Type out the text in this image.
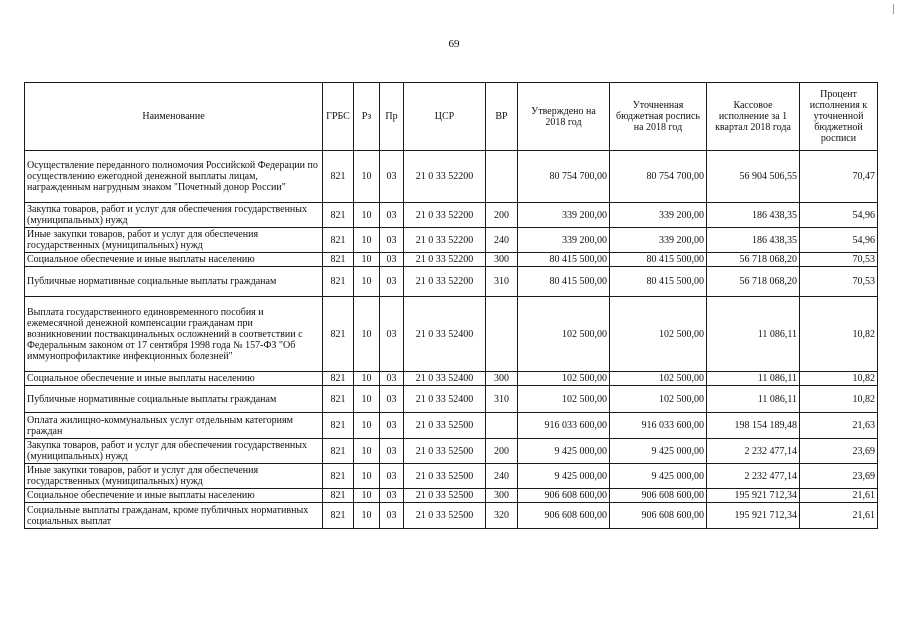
69
Наименование	ГРБС	Рз	Пр	ЦСР	ВР	Утверждено на 2018 год	Уточненная бюджетная роспись на 2018 год	Кассовое исполнение за 1 квартал 2018 года	Процент исполнения к уточненной бюджетной росписи
Осуществление переданного полномочия Российской Федерации по осуществлению ежегодной денежной выплаты лицам, награжденным нагрудным знаком "Почетный донор России"	821	10	03	21 0 33 52200		80 754 700,00	80 754 700,00	56 904 506,55	70,47
Закупка товаров, работ и услуг для обеспечения государственных (муниципальных) нужд	821	10	03	21 0 33 52200	200	339 200,00	339 200,00	186 438,35	54,96
Иные закупки товаров, работ и услуг для обеспечения государственных (муниципальных) нужд	821	10	03	21 0 33 52200	240	339 200,00	339 200,00	186 438,35	54,96
Социальное обеспечение и иные выплаты населению	821	10	03	21 0 33 52200	300	80 415 500,00	80 415 500,00	56 718 068,20	70,53
Публичные нормативные социальные выплаты гражданам	821	10	03	21 0 33 52200	310	80 415 500,00	80 415 500,00	56 718 068,20	70,53
Выплата государственного единовременного пособия и ежемесячной денежной компенсации гражданам при возникновении поствакцинальных осложнений в соответствии с Федеральным законом от 17 сентября 1998 года № 157-ФЗ "Об иммунопрофилактике инфекционных болезней"	821	10	03	21 0 33 52400		102 500,00	102 500,00	11 086,11	10,82
Социальное обеспечение и иные выплаты населению	821	10	03	21 0 33 52400	300	102 500,00	102 500,00	11 086,11	10,82
Публичные нормативные социальные выплаты гражданам	821	10	03	21 0 33 52400	310	102 500,00	102 500,00	11 086,11	10,82
Оплата жилищно-коммунальных услуг отдельным категориям граждан	821	10	03	21 0 33 52500		916 033 600,00	916 033 600,00	198 154 189,48	21,63
Закупка товаров, работ и услуг для обеспечения государственных (муниципальных) нужд	821	10	03	21 0 33 52500	200	9 425 000,00	9 425 000,00	2 232 477,14	23,69
Иные закупки товаров, работ и услуг для обеспечения государственных (муниципальных) нужд	821	10	03	21 0 33 52500	240	9 425 000,00	9 425 000,00	2 232 477,14	23,69
Социальное обеспечение и иные выплаты населению	821	10	03	21 0 33 52500	300	906 608 600,00	906 608 600,00	195 921 712,34	21,61
Социальные выплаты гражданам, кроме публичных нормативных социальных выплат	821	10	03	21 0 33 52500	320	906 608 600,00	906 608 600,00	195 921 712,34	21,61
